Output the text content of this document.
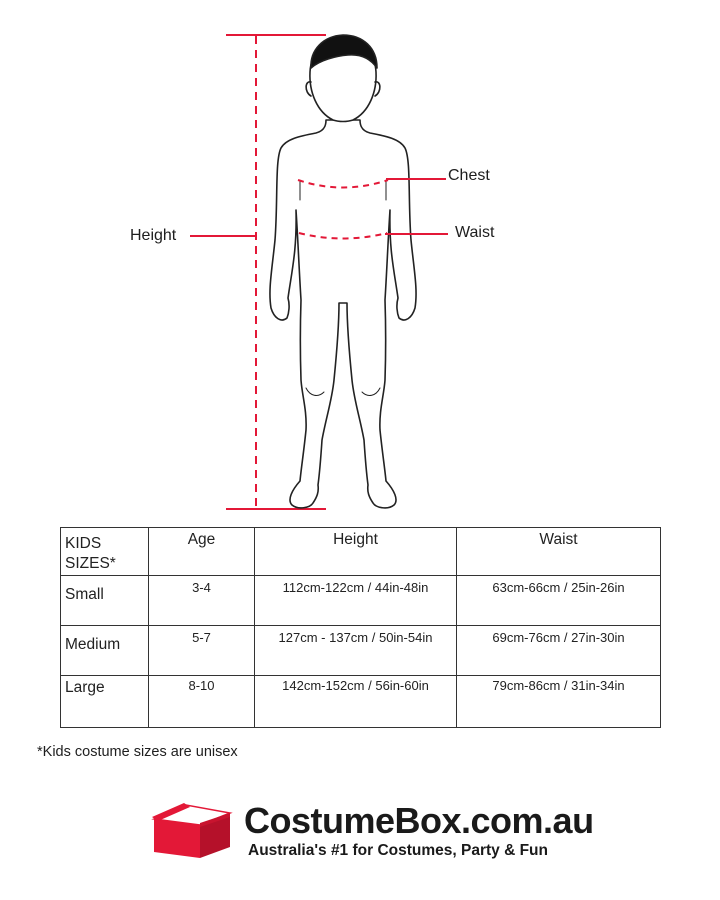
Height
Chest
Waist
KIDS SIZES*	Age	Height	Waist
Small	3-4	112cm-122cm / 44in-48in	63cm-66cm / 25in-26in
Medium	5-7	127cm - 137cm / 50in-54in	69cm-76cm / 27in-30in
Large	8-10	142cm-152cm / 56in-60in	79cm-86cm / 31in-34in
*Kids costume sizes are unisex
CostumeBox.com.au
Australia's #1 for Costumes, Party & Fun
